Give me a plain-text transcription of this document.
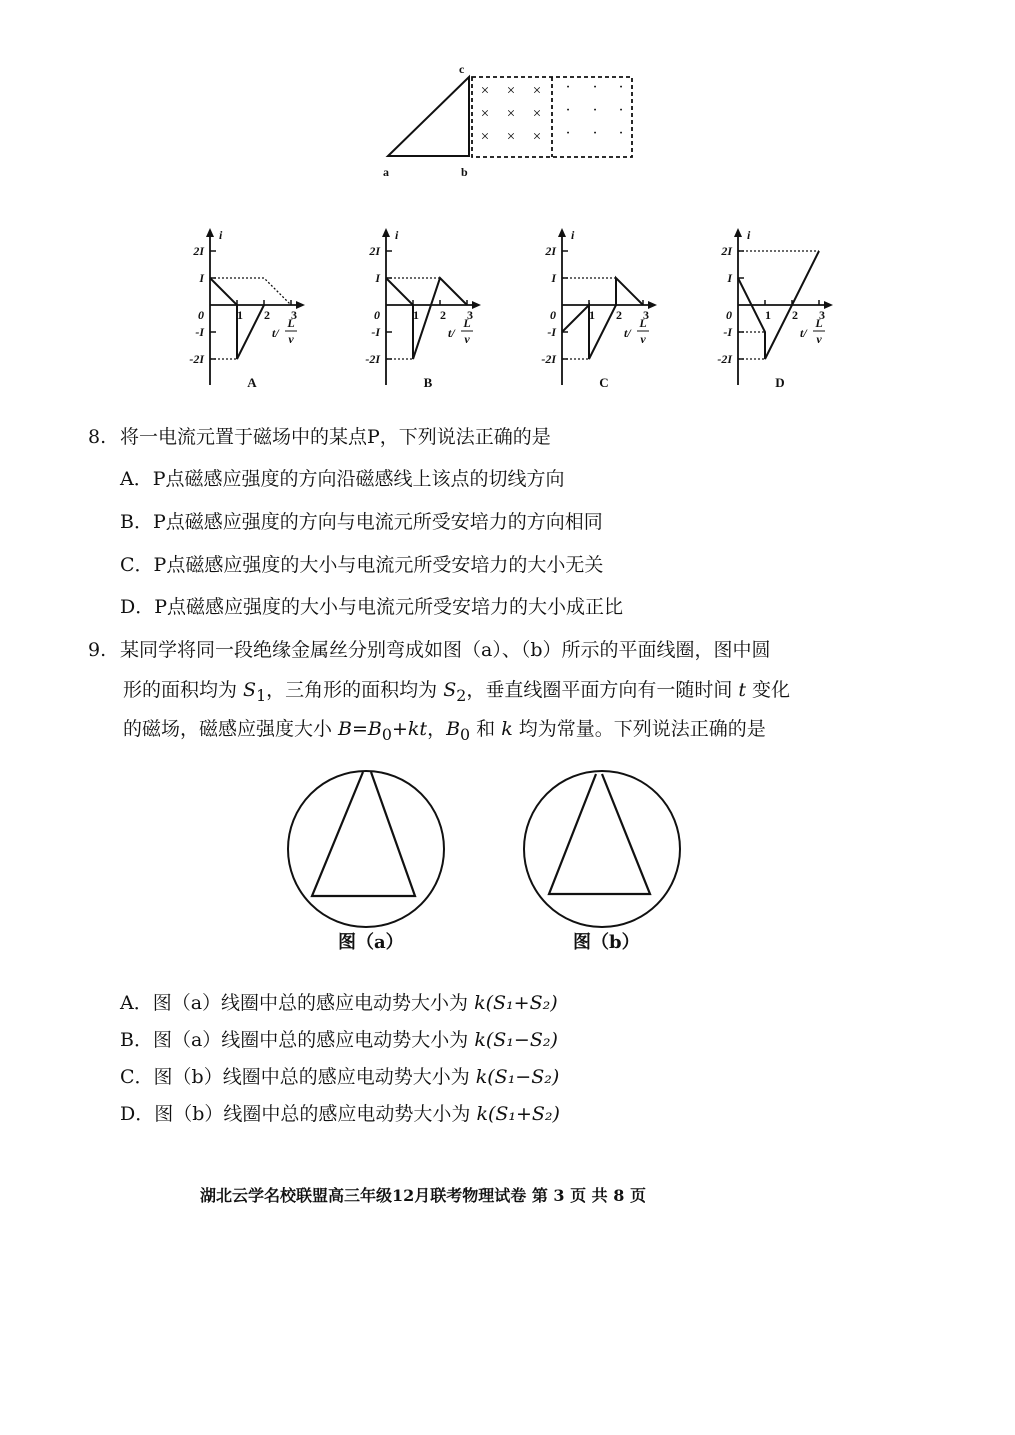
× × ×
× × ×
× × ×
· · ·
· · ·
· · ·
c
a	b
2I
I
0
-I
-2I
i
1 2 3
t/
L
v
A
2I
I
0
-I
-2I
i
1 2 3
t/
L
v
B
2I
I
0
-I
-2I
i
1 2 3
t/
L
v
C
2I
I
0
-I
-2I
i
1 2 3
t/
L
v
D
8. 将一电流元置于磁场中的某点P，下列说法正确的是
A．P点磁感应强度的方向沿磁感线上该点的切线方向
B．P点磁感应强度的方向与电流元所受安培力的方向相同
C．P点磁感应强度的大小与电流元所受安培力的大小无关
D．P点磁感应强度的大小与电流元所受安培力的大小成正比
9. 某同学将同一段绝缘金属丝分别弯成如图（a）、（b）所示的平面线圈，图中圆
形的面积均为 $S_1$，三角形的面积均为 $S_2$，垂直线圈平面方向有一随时间 t 变化
的磁场，磁感应强度大小 $B=B_0+kt$，$B_0$ 和 k 均为常量。下列说法正确的是
图（a）	图（b）
A．图（a）线圈中总的感应电动势大小为 k(S₁+S₂)
B．图（a）线圈中总的感应电动势大小为 k(S₁−S₂)
C．图（b）线圈中总的感应电动势大小为 k(S₁−S₂)
D．图（b）线圈中总的感应电动势大小为 k(S₁+S₂)
湖北云学名校联盟高三年级12月联考物理试卷 第 3 页 共 8 页
